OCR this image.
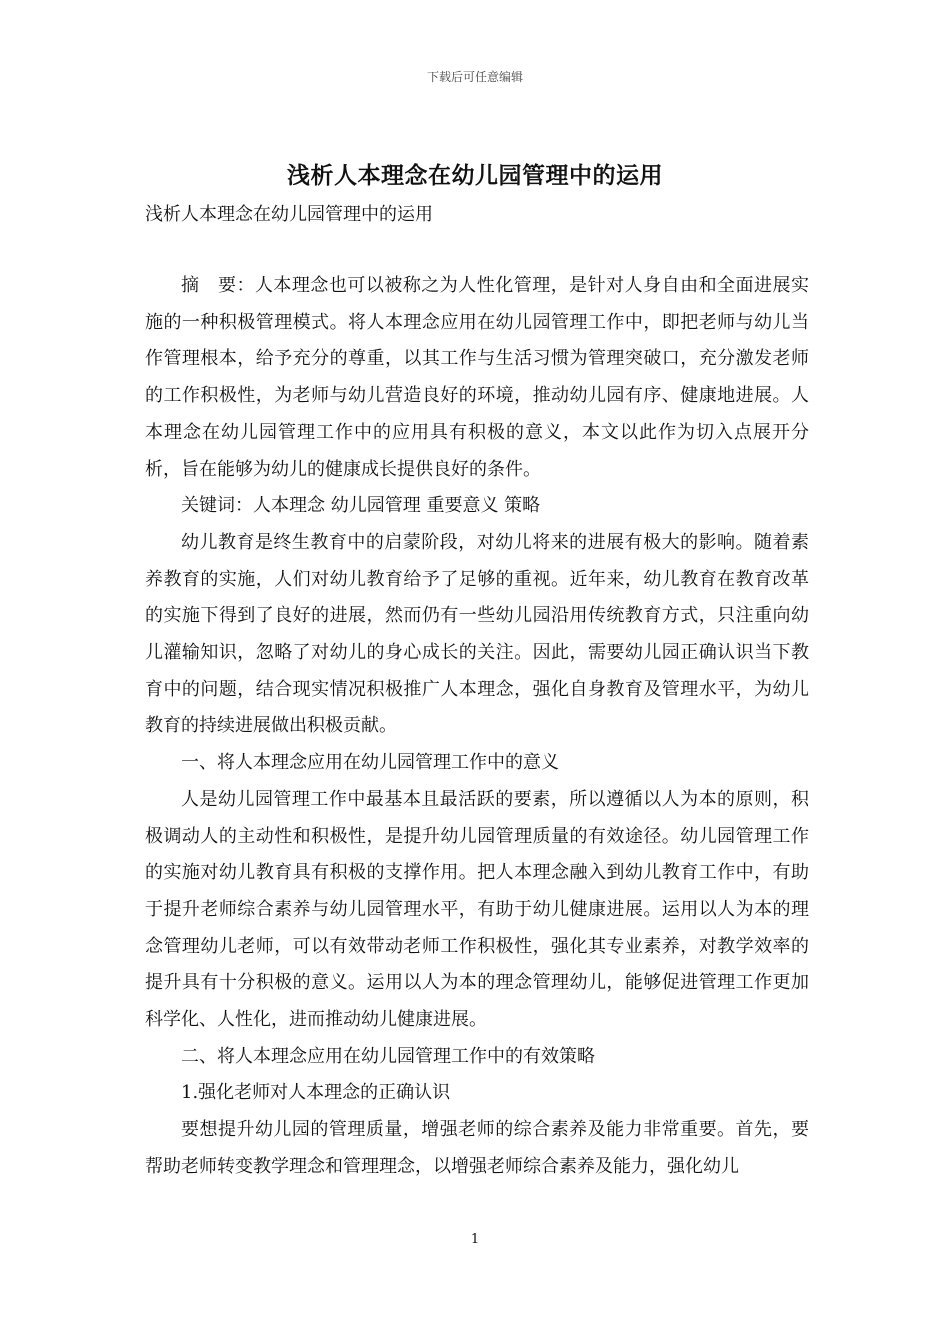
下载后可任意编辑
浅析人本理念在幼儿园管理中的运用
浅析人本理念在幼儿园管理中的运用

摘　要：人本理念也可以被称之为人性化管理，是针对人身自由和全面进展实施的一种积极管理模式。将人本理念应用在幼儿园管理工作中，即把老师与幼儿当作管理根本，给予充分的尊重，以其工作与生活习惯为管理突破口，充分激发老师的工作积极性，为老师与幼儿营造良好的环境，推动幼儿园有序、健康地进展。人本理念在幼儿园管理工作中的应用具有积极的意义，本文以此作为切入点展开分析，旨在能够为幼儿的健康成长提供良好的条件。

关键词：人本理念 幼儿园管理 重要意义 策略

幼儿教育是终生教育中的启蒙阶段，对幼儿将来的进展有极大的影响。随着素养教育的实施，人们对幼儿教育给予了足够的重视。近年来，幼儿教育在教育改革的实施下得到了良好的进展，然而仍有一些幼儿园沿用传统教育方式，只注重向幼儿灌输知识，忽略了对幼儿的身心成长的关注。因此，需要幼儿园正确认识当下教育中的问题，结合现实情况积极推广人本理念，强化自身教育及管理水平，为幼儿教育的持续进展做出积极贡献。

一、将人本理念应用在幼儿园管理工作中的意义

人是幼儿园管理工作中最基本且最活跃的要素，所以遵循以人为本的原则，积极调动人的主动性和积极性，是提升幼儿园管理质量的有效途径。幼儿园管理工作的实施对幼儿教育具有积极的支撑作用。把人本理念融入到幼儿教育工作中，有助于提升老师综合素养与幼儿园管理水平，有助于幼儿健康进展。运用以人为本的理念管理幼儿老师，可以有效带动老师工作积极性，强化其专业素养，对教学效率的提升具有十分积极的意义。运用以人为本的理念管理幼儿，能够促进管理工作更加科学化、人性化，进而推动幼儿健康进展。

二、将人本理念应用在幼儿园管理工作中的有效策略

1.强化老师对人本理念的正确认识

要想提升幼儿园的管理质量，增强老师的综合素养及能力非常重要。首先，要帮助老师转变教学理念和管理理念，以增强老师综合素养及能力，强化幼儿

1
